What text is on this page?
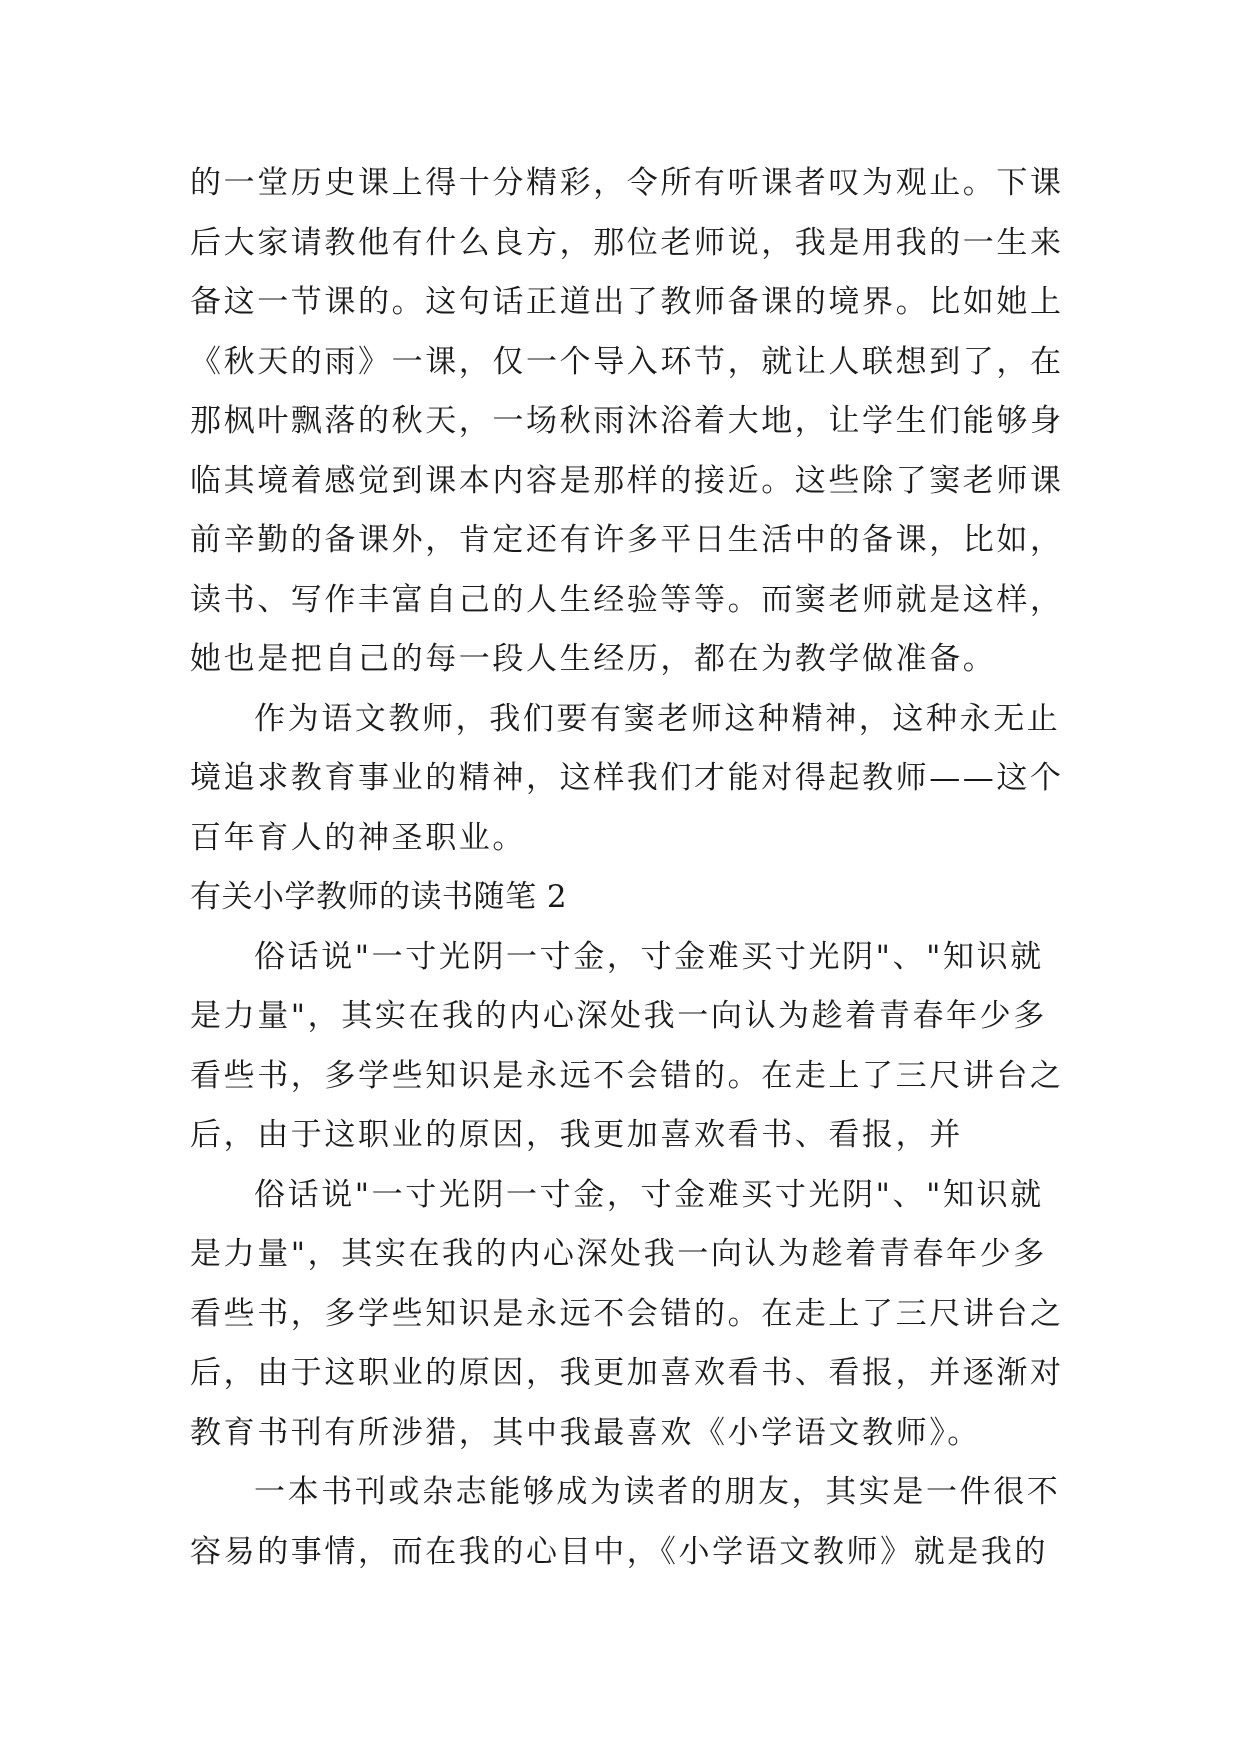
的一堂历史课上得十分精彩，令所有听课者叹为观止。下课
后大家请教他有什么良方，那位老师说，我是用我的一生来
备这一节课的。这句话正道出了教师备课的境界。比如她上
《秋天的雨》一课，仅一个导入环节，就让人联想到了，在
那枫叶飘落的秋天，一场秋雨沐浴着大地，让学生们能够身
临其境着感觉到课本内容是那样的接近。这些除了窦老师课
前辛勤的备课外，肯定还有许多平日生活中的备课，比如，
读书、写作丰富自己的人生经验等等。而窦老师就是这样，
她也是把自己的每一段人生经历，都在为教学做准备。
作为语文教师，我们要有窦老师这种精神，这种永无止
境追求教育事业的精神，这样我们才能对得起教师——这个
百年育人的神圣职业。
有关小学教师的读书随笔 2
俗话说"一寸光阴一寸金，寸金难买寸光阴"、"知识就
是力量"，其实在我的内心深处我一向认为趁着青春年少多
看些书，多学些知识是永远不会错的。在走上了三尺讲台之
后，由于这职业的原因，我更加喜欢看书、看报，并
俗话说"一寸光阴一寸金，寸金难买寸光阴"、"知识就
是力量"，其实在我的内心深处我一向认为趁着青春年少多
看些书，多学些知识是永远不会错的。在走上了三尺讲台之
后，由于这职业的原因，我更加喜欢看书、看报，并逐渐对
教育书刊有所涉猎，其中我最喜欢《小学语文教师》。
一本书刊或杂志能够成为读者的朋友，其实是一件很不
容易的事情，而在我的心目中，《小学语文教师》就是我的
